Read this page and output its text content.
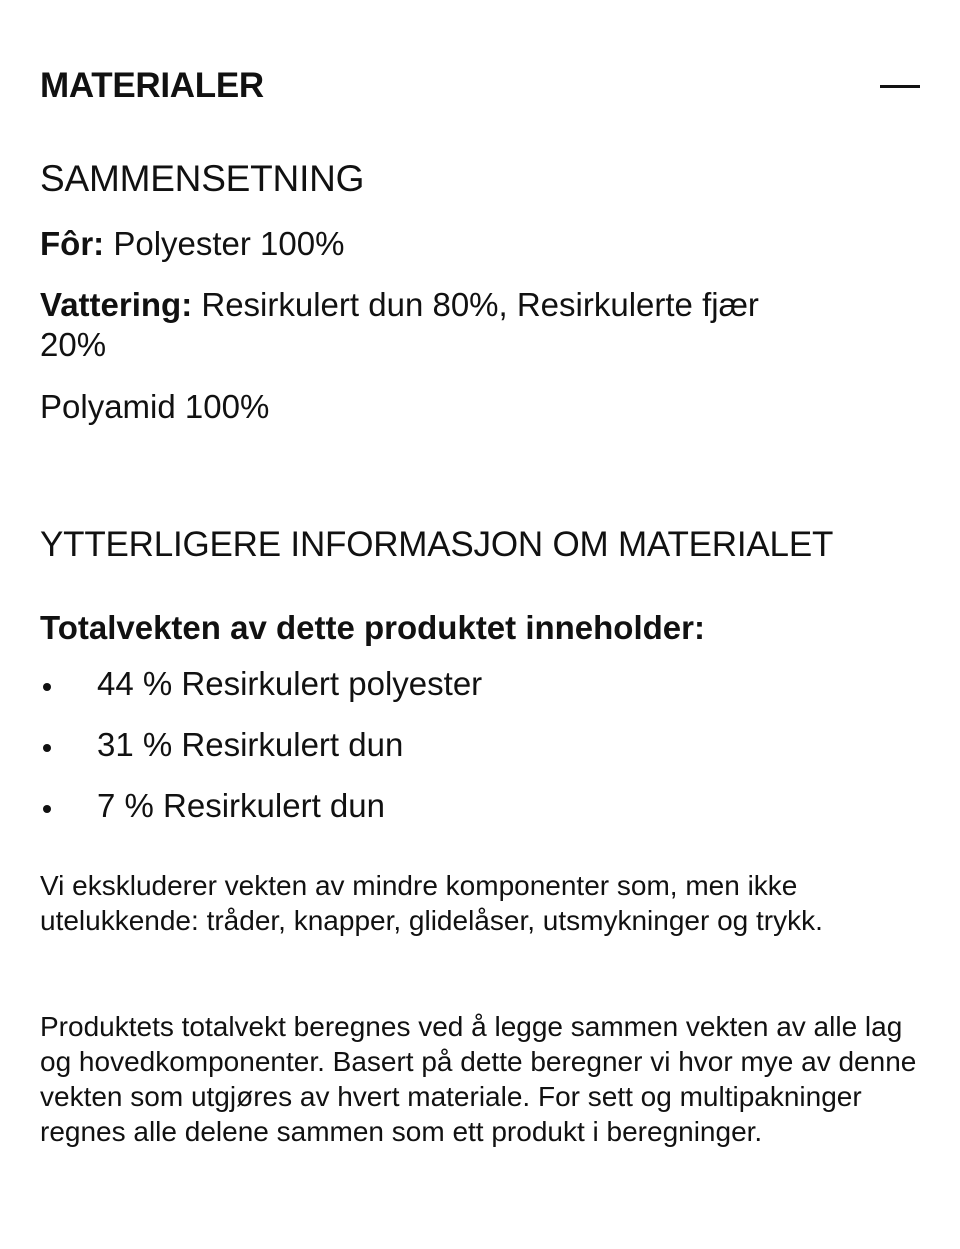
MATERIALER
SAMMENSETNING
Fôr: Polyester 100%
Vattering: Resirkulert dun 80%, Resirkulerte fjær 20%
Polyamid 100%
YTTERLIGERE INFORMASJON OM MATERIALET
Totalvekten av dette produktet inneholder:
44 % Resirkulert polyester
31 % Resirkulert dun
7 % Resirkulert dun

Vi ekskluderer vekten av mindre komponenter som, men ikke utelukkende: tråder, knapper, glidelåser, utsmykninger og trykk.

Produktets totalvekt beregnes ved å legge sammen vekten av alle lag og hovedkomponenter. Basert på dette beregner vi hvor mye av denne vekten som utgjøres av hvert materiale. For sett og multipakninger regnes alle delene sammen som ett produkt i beregninger.
